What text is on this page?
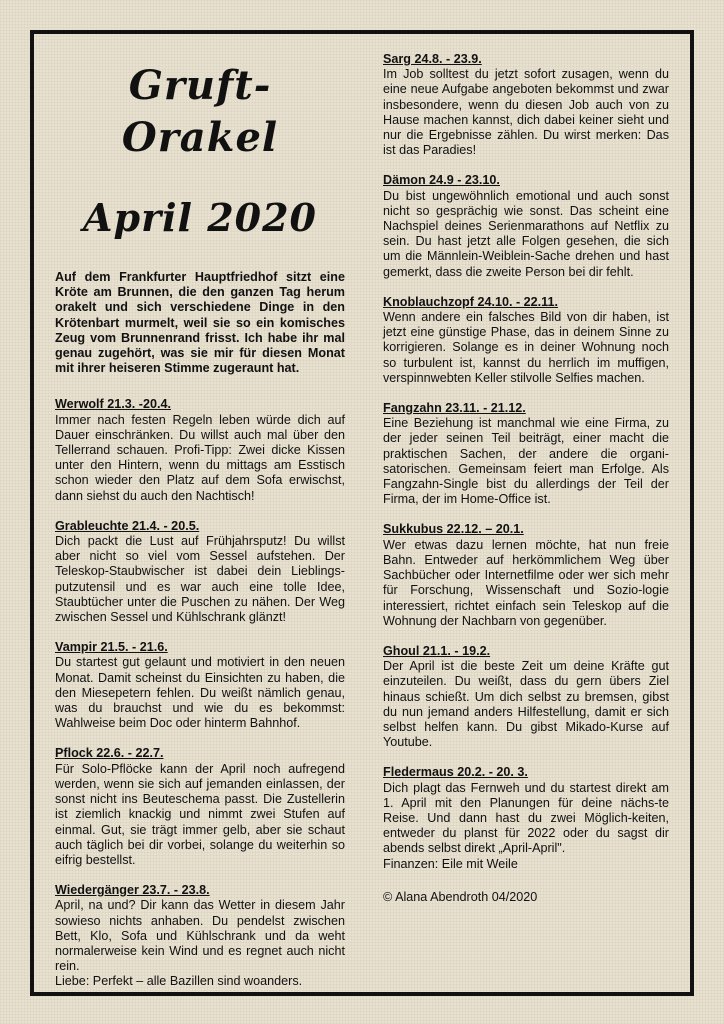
Gruft-Orakel
April 2020

Auf dem Frankfurter Hauptfriedhof sitzt eine Kröte am Brunnen, die den ganzen Tag herum orakelt und sich verschiedene Dinge in den Krötenbart murmelt, weil sie so ein komisches Zeug vom Brunnenrand frisst. Ich habe ihr mal genau zugehört, was sie mir für diesen Monat mit ihrer heiseren Stimme zugeraunt hat.

Werwolf 21.3. -20.4.

Immer nach festen Regeln leben würde dich auf Dauer einschränken. Du willst auch mal über den Tellerrand schauen. Profi-Tipp: Zwei dicke Kissen unter den Hintern, wenn du mittags am Esstisch schon wieder den Platz auf dem Sofa erwischst, dann siehst du auch den Nachtisch!

Grableuchte 21.4. - 20.5.

Dich packt die Lust auf Frühjahrsputz! Du willst aber nicht so viel vom Sessel aufstehen. Der Teleskop-Staubwischer ist dabei dein Lieblings-putzutensil und es war auch eine tolle Idee, Staubtücher unter die Puschen zu nähen. Der Weg zwischen Sessel und Kühlschrank glänzt!

Vampir 21.5. - 21.6.

Du startest gut gelaunt und motiviert in den neuen Monat. Damit scheinst du Einsichten zu haben, die den Miesepetern fehlen. Du weißt nämlich genau, was du brauchst und wie du es bekommst: Wahlweise beim Doc oder hinterm Bahnhof.

Pflock 22.6. - 22.7.

Für Solo-Pflöcke kann der April noch aufregend werden, wenn sie sich auf jemanden einlassen, der sonst nicht ins Beuteschema passt. Die Zustellerin ist ziemlich knackig und nimmt zwei Stufen auf einmal. Gut, sie trägt immer gelb, aber sie schaut auch täglich bei dir vorbei, solange du weiterhin so eifrig bestellst.

Wiedergänger 23.7. - 23.8.

April, na und? Dir kann das Wetter in diesem Jahr sowieso nichts anhaben. Du pendelst zwischen Bett, Klo, Sofa und Kühlschrank und da weht normalerweise kein Wind und es regnet auch nicht rein.

Liebe: Perfekt – alle Bazillen sind woanders.

Sarg 24.8. - 23.9.

Im Job solltest du jetzt sofort zusagen, wenn du eine neue Aufgabe angeboten bekommst und zwar insbesondere, wenn du diesen Job auch von zu Hause machen kannst, dich dabei keiner sieht und nur die Ergebnisse zählen. Du wirst merken: Das ist das Paradies!

Dämon 24.9 - 23.10.

Du bist ungewöhnlich emotional und auch sonst nicht so gesprächig wie sonst. Das scheint eine Nachspiel deines Serienmarathons auf Netflix zu sein. Du hast jetzt alle Folgen gesehen, die sich um die Männlein-Weiblein-Sache drehen und hast gemerkt, dass die zweite Person bei dir fehlt.

Knoblauchzopf 24.10. - 22.11.

Wenn andere ein falsches Bild von dir haben, ist jetzt eine günstige Phase, das in deinem Sinne zu korrigieren. Solange es in deiner Wohnung noch so turbulent ist, kannst du herrlich im muffigen, verspinnwebten Keller stilvolle Selfies machen.

Fangzahn 23.11. - 21.12.

Eine Beziehung ist manchmal wie eine Firma, zu der jeder seinen Teil beiträgt, einer macht die praktischen Sachen, der andere die organi-satorischen. Gemeinsam feiert man Erfolge. Als Fangzahn-Single bist du allerdings der Teil der Firma, der im Home-Office ist.

Sukkubus 22.12. – 20.1.

Wer etwas dazu lernen möchte, hat nun freie Bahn. Entweder auf herkömmlichem Weg über Sachbücher oder Internetfilme oder wer sich mehr für Forschung, Wissenschaft und Sozio-logie interessiert, richtet einfach sein Teleskop auf die Wohnung der Nachbarn von gegenüber.

Ghoul 21.1. - 19.2.

Der April ist die beste Zeit um deine Kräfte gut einzuteilen. Du weißt, dass du gern übers Ziel hinaus schießt. Um dich selbst zu bremsen, gibst du nun jemand anders Hilfestellung, damit er sich selbst helfen kann. Du gibst Mikado-Kurse auf Youtube.

Fledermaus 20.2. - 20. 3.

Dich plagt das Fernweh und du startest direkt am 1. April mit den Planungen für deine nächs-te Reise. Und dann hast du zwei Möglich-keiten, entweder du planst für 2022 oder du sagst dir abends selbst direkt „April-April".

Finanzen: Eile mit Weile

© Alana Abendroth 04/2020
